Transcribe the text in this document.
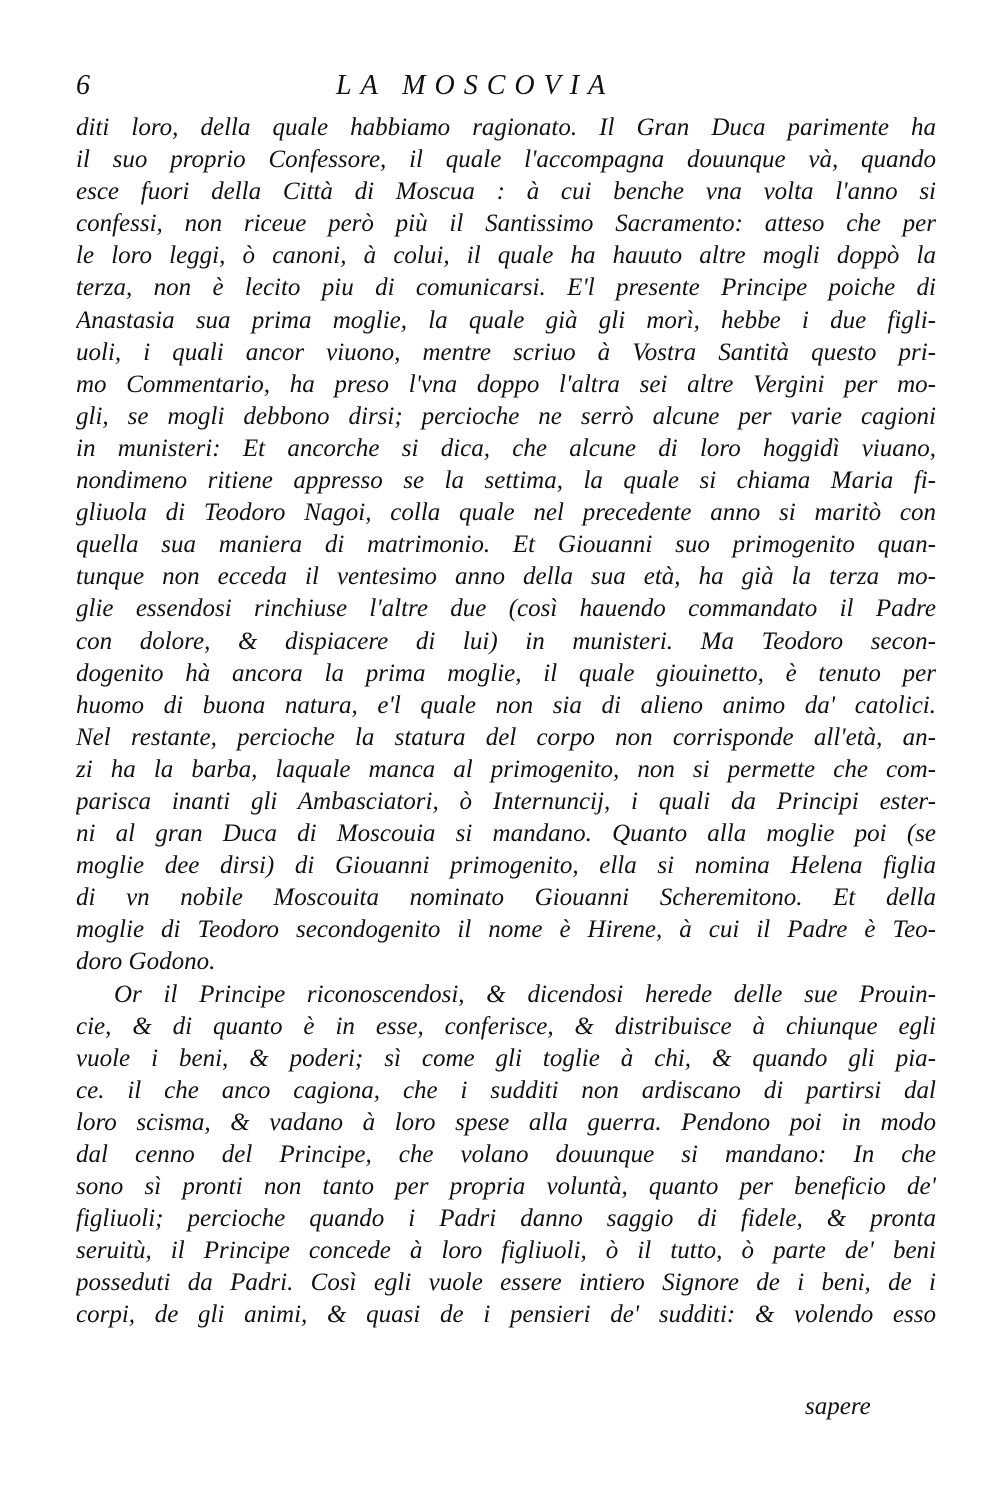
6	LA MOSCOVIA
diti loro, della quale habbiamo ragionato. Il Gran Duca parimente ha
il suo proprio Confessore, il quale l'accompagna douunque và, quando
esce fuori della Città di Moscua : à cui benche vna volta l'anno si
confessi, non riceue però più il Santissimo Sacramento: atteso che per
le loro leggi, ò canoni, à colui, il quale ha hauuto altre mogli doppò la
terza, non è lecito piu di comunicarsi. E'l presente Principe poiche di
Anastasia sua prima moglie, la quale già gli morì, hebbe i due figli-
uoli, i quali ancor viuono, mentre scriuo à Vostra Santità questo pri-
mo Commentario, ha preso l'vna doppo l'altra sei altre Vergini per mo-
gli, se mogli debbono dirsi; percioche ne serrò alcune per varie cagioni
in munisteri: Et ancorche si dica, che alcune di loro hoggidì viuano,
nondimeno ritiene appresso se la settima, la quale si chiama Maria fi-
gliuola di Teodoro Nagoi, colla quale nel precedente anno si maritò con
quella sua maniera di matrimonio. Et Giouanni suo primogenito quan-
tunque non ecceda il ventesimo anno della sua età, ha già la terza mo-
glie essendosi rinchiuse l'altre due (così hauendo commandato il Padre
con dolore, & dispiacere di lui) in munisteri. Ma Teodoro secon-
dogenito hà ancora la prima moglie, il quale giouinetto, è tenuto per
huomo di buona natura, e'l quale non sia di alieno animo da' catolici.
Nel restante, percioche la statura del corpo non corrisponde all'età, an-
zi ha la barba, laquale manca al primogenito, non si permette che com-
parisca inanti gli Ambasciatori, ò Internuncij, i quali da Principi ester-
ni al gran Duca di Moscouia si mandano. Quanto alla moglie poi (se
moglie dee dirsi) di Giouanni primogenito, ella si nomina Helena figlia
di vn nobile Moscouita nominato Giouanni Scheremitono. Et della
moglie di Teodoro secondogenito il nome è Hirene, à cui il Padre è Teo-
doro Godono.
Or il Principe riconoscendosi, & dicendosi herede delle sue Prouin-
cie, & di quanto è in esse, conferisce, & distribuisce à chiunque egli
vuole i beni, & poderi; sì come gli toglie à chi, & quando gli pia-
ce. il che anco cagiona, che i sudditi non ardiscano di partirsi dal
loro scisma, & vadano à loro spese alla guerra. Pendono poi in modo
dal cenno del Principe, che volano douunque si mandano: In che
sono sì pronti non tanto per propria voluntà, quanto per beneficio de'
figliuoli; percioche quando i Padri danno saggio di fidele, & pronta
seruitù, il Principe concede à loro figliuoli, ò il tutto, ò parte de' beni
posseduti da Padri. Così egli vuole essere intiero Signore de i beni, de i
corpi, de gli animi, & quasi de i pensieri de' sudditi: & volendo esso
sapere
